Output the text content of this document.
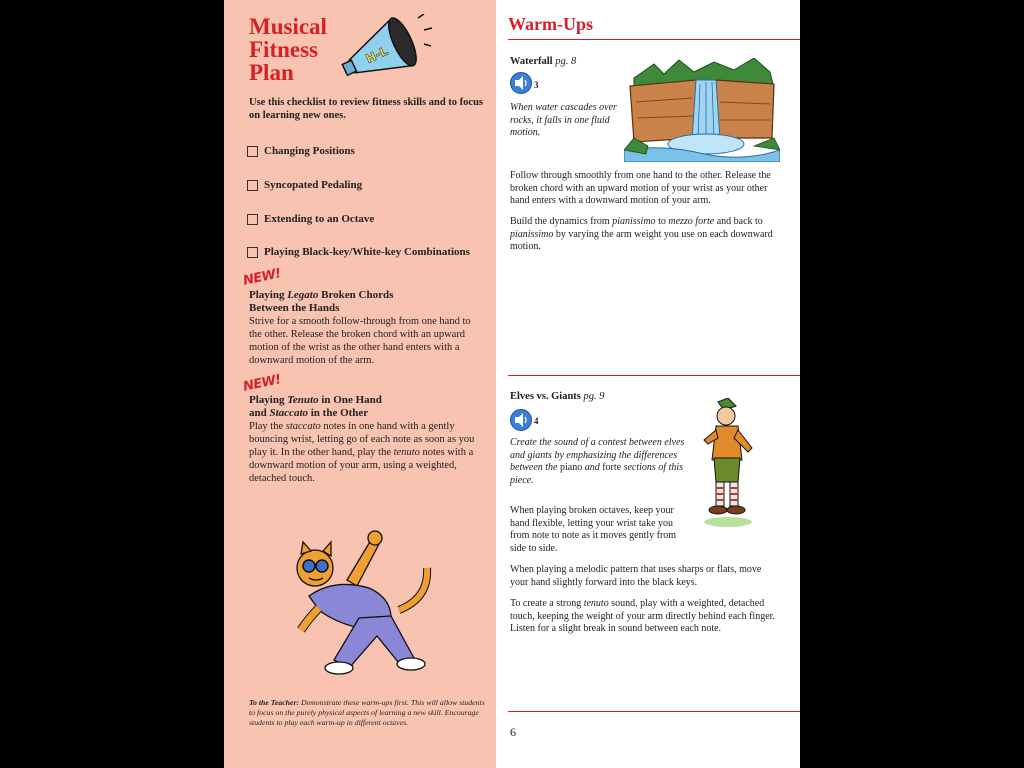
Musical
Fitness
Plan
H-L
Use this checklist to review fitness skills and to focus on learning new ones.
Changing Positions
Syncopated Pedaling
Extending to an Octave
Playing Black-key/White-key Combinations
NEW!
Playing Legato Broken Chords
Between the Hands
Strive for a smooth follow-through from one hand to the other. Release the broken chord with an upward motion of the wrist as the other hand enters with a downward motion of the arm.
NEW!
Playing Tenuto in One Hand
and Staccato in the Other
Play the staccato notes in one hand with a gently bouncing wrist, letting go of each note as soon as you play it. In the other hand, play the tenuto notes with a downward motion of your arm, using a weighted, detached touch.
To the Teacher: Demonstrate these warm-ups first. This will allow students to focus on the purely physical aspects of learning a new skill. Encourage students to play each warm-up in different octaves.
Warm-Ups
Waterfall pg. 8
3
When water cascades over rocks, it falls in one fluid motion.
Follow through smoothly from one hand to the other. Release the broken chord with an upward motion of your wrist as your other hand enters with a downward motion of your arm.
Build the dynamics from pianissimo to mezzo forte and back to pianissimo by varying the arm weight you use on each downward motion.
Elves vs. Giants pg. 9
4
Create the sound of a contest between elves and giants by emphasizing the differences between the piano and forte sections of this piece.
When playing broken octaves, keep your hand flexible, letting your wrist take you from note to note as it moves gently from side to side.
When playing a melodic pattern that uses sharps or flats, move your hand slightly forward into the black keys.
To create a strong tenuto sound, play with a weighted, detached touch, keeping the weight of your arm directly behind each finger. Listen for a slight break in sound between each note.
6
